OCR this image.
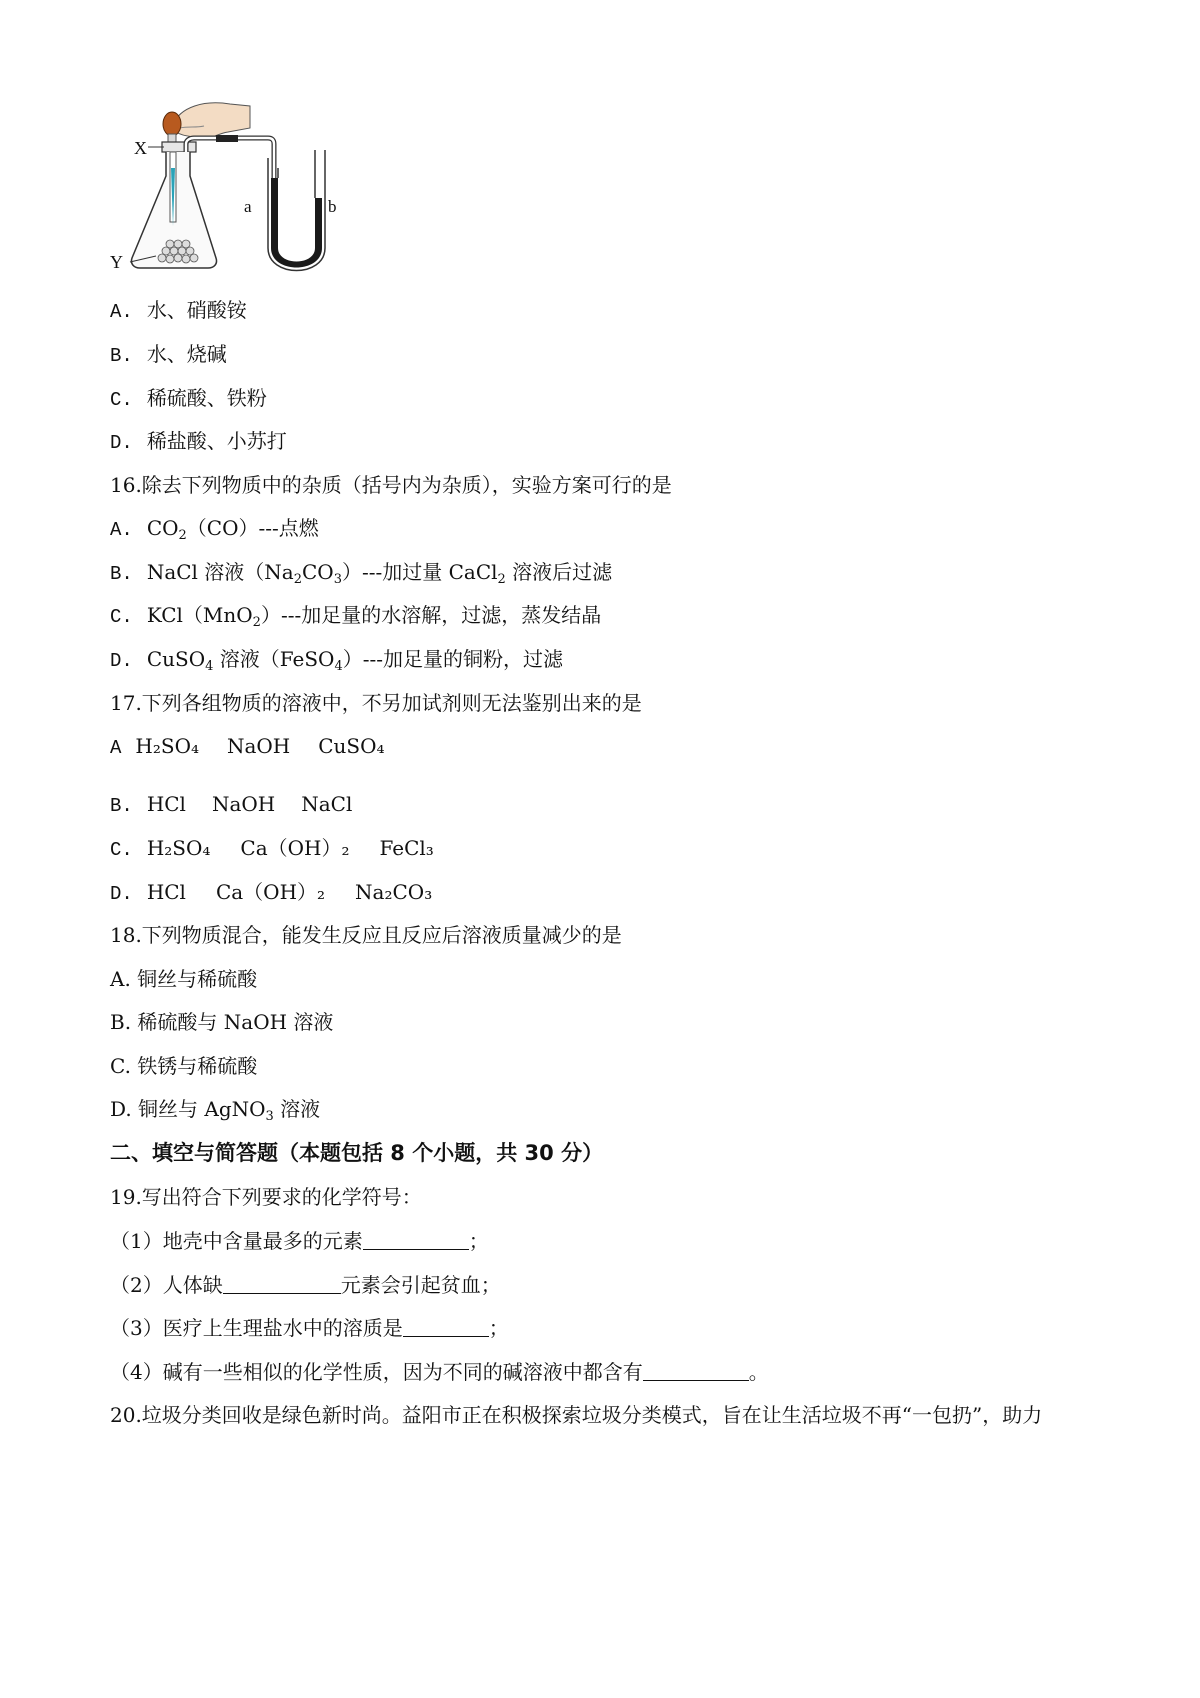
X
Y
a	b
A. 水、硝酸铵
B. 水、烧碱
C. 稀硫酸、铁粉
D. 稀盐酸、小苏打
16.除去下列物质中的杂质（括号内为杂质），实验方案可行的是
A. $CO_2(CO)---$点燃
B. NaCl 溶液$(Na_2CO_3)---$加过量 CaCl$_2$ 溶液后过滤
C. KCl（MnO$_2$）---加足量的水溶解，过滤，蒸发结晶
D. CuSO$_4$ 溶液（FeSO$_4$）---加足量的铜粉，过滤
17.下列各组物质的溶液中，不另加试剂则无法鉴别出来的是
A H₂SO₄ NaOH CuSO₄
B. HCl NaOH NaCl
C. H₂SO₄ Ca（OH）₂ FeCl₃
D. HCl Ca（OH）₂ Na₂CO₃
18.下列物质混合，能发生反应且反应后溶液质量减少的是
A. 铜丝与稀硫酸
B. 稀硫酸与 NaOH 溶液
C. 铁锈与稀硫酸
D. 铜丝与 AgNO$_3$ 溶液
二、填空与简答题（本题包括 8 个小题，共 30 分）
19.写出符合下列要求的化学符号：
（1）地壳中含量最多的元素	；
（2）人体缺	元素会引起贫血；
（3）医疗上生理盐水中的溶质是	；
（4）碱有一些相似的化学性质，因为不同的碱溶液中都含有	。
20.垃圾分类回收是绿色新时尚。益阳市正在积极探索垃圾分类模式，旨在让生活垃圾不再“一包扔”，助力
